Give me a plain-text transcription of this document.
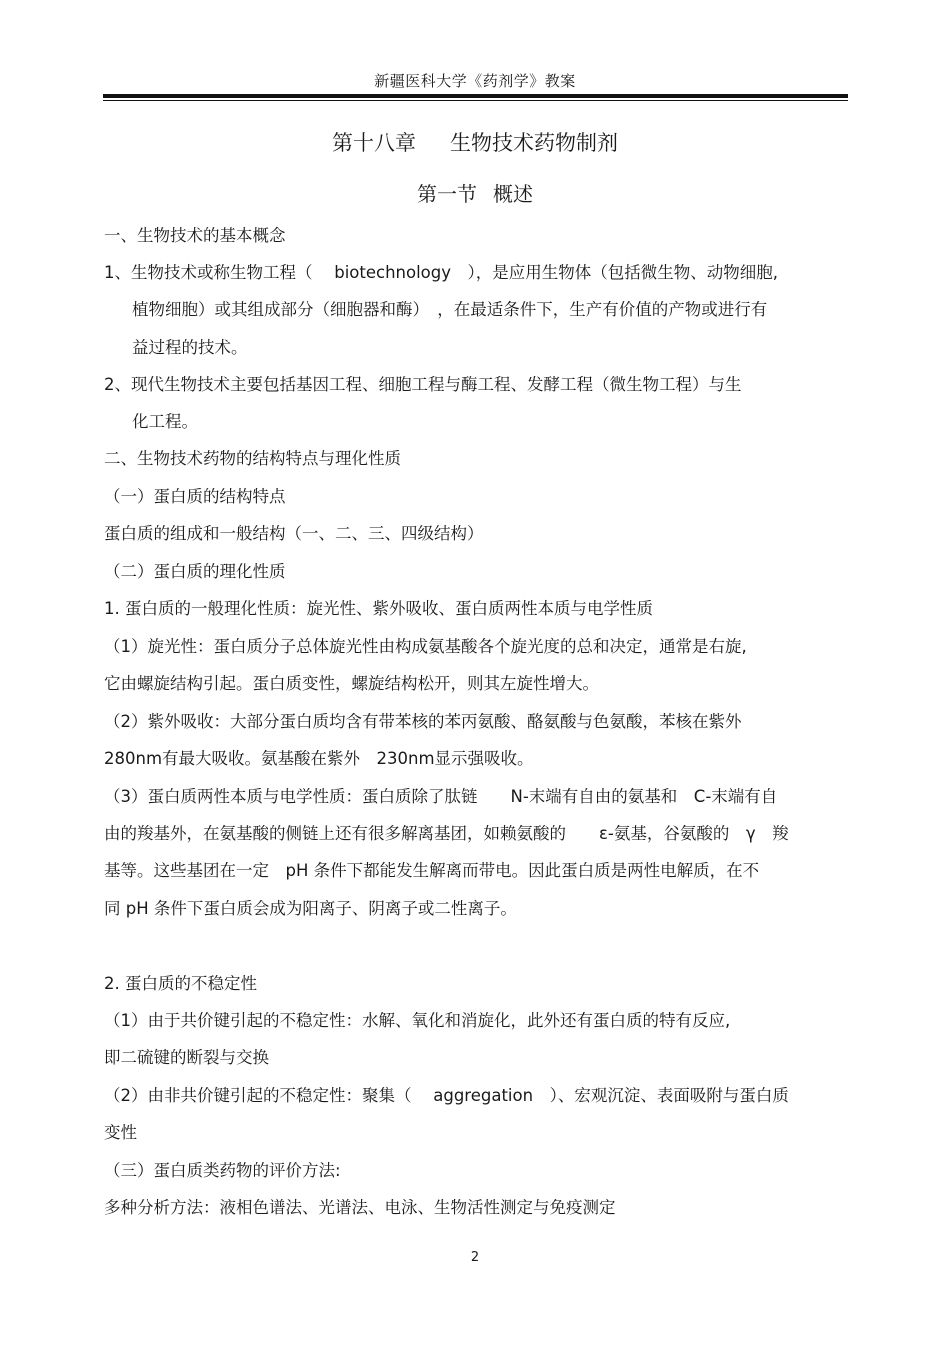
新疆医科大学《药剂学》教案
第十八章 生物技术药物制剂
第一节 概述
一、生物技术的基本概念
1、生物技术或称生物工程（　 biotechnology　），是应用生物体（包括微生物、动物细胞,
植物细胞）或其组成部分（细胞器和酶）　，在最适条件下，生产有价值的产物或进行有
益过程的技术。
2、现代生物技术主要包括基因工程、细胞工程与酶工程、发酵工程（微生物工程）与生
化工程。
二、生物技术药物的结构特点与理化性质
（一）蛋白质的结构特点
蛋白质的组成和一般结构（一、二、三、四级结构）
（二）蛋白质的理化性质
1. 蛋白质的一般理化性质：旋光性、紫外吸收、蛋白质两性本质与电学性质
（1）旋光性：蛋白质分子总体旋光性由构成氨基酸各个旋光度的总和决定，通常是右旋,
它由螺旋结构引起。蛋白质变性，螺旋结构松开，则其左旋性增大。
（2）紫外吸收：大部分蛋白质均含有带苯核的苯丙氨酸、酪氨酸与色氨酸，苯核在紫外
280nm有最大吸收。氨基酸在紫外　230nm显示强吸收。
（3）蛋白质两性本质与电学性质：蛋白质除了肽链　　N-末端有自由的氨基和　C-末端有自
由的羧基外，在氨基酸的侧链上还有很多解离基团，如赖氨酸的　　ε-氨基，谷氨酸的　γ　羧
基等。这些基团在一定　pH 条件下都能发生解离而带电。因此蛋白质是两性电解质，在不
同 pH 条件下蛋白质会成为阳离子、阴离子或二性离子。
2. 蛋白质的不稳定性
（1）由于共价键引起的不稳定性：水解、氧化和消旋化，此外还有蛋白质的特有反应,
即二硫键的断裂与交换
（2）由非共价键引起的不稳定性：聚集（　 aggregation　）、宏观沉淀、表面吸附与蛋白质
变性
（三）蛋白质类药物的评价方法:
多种分析方法：液相色谱法、光谱法、电泳、生物活性测定与免疫测定
2
